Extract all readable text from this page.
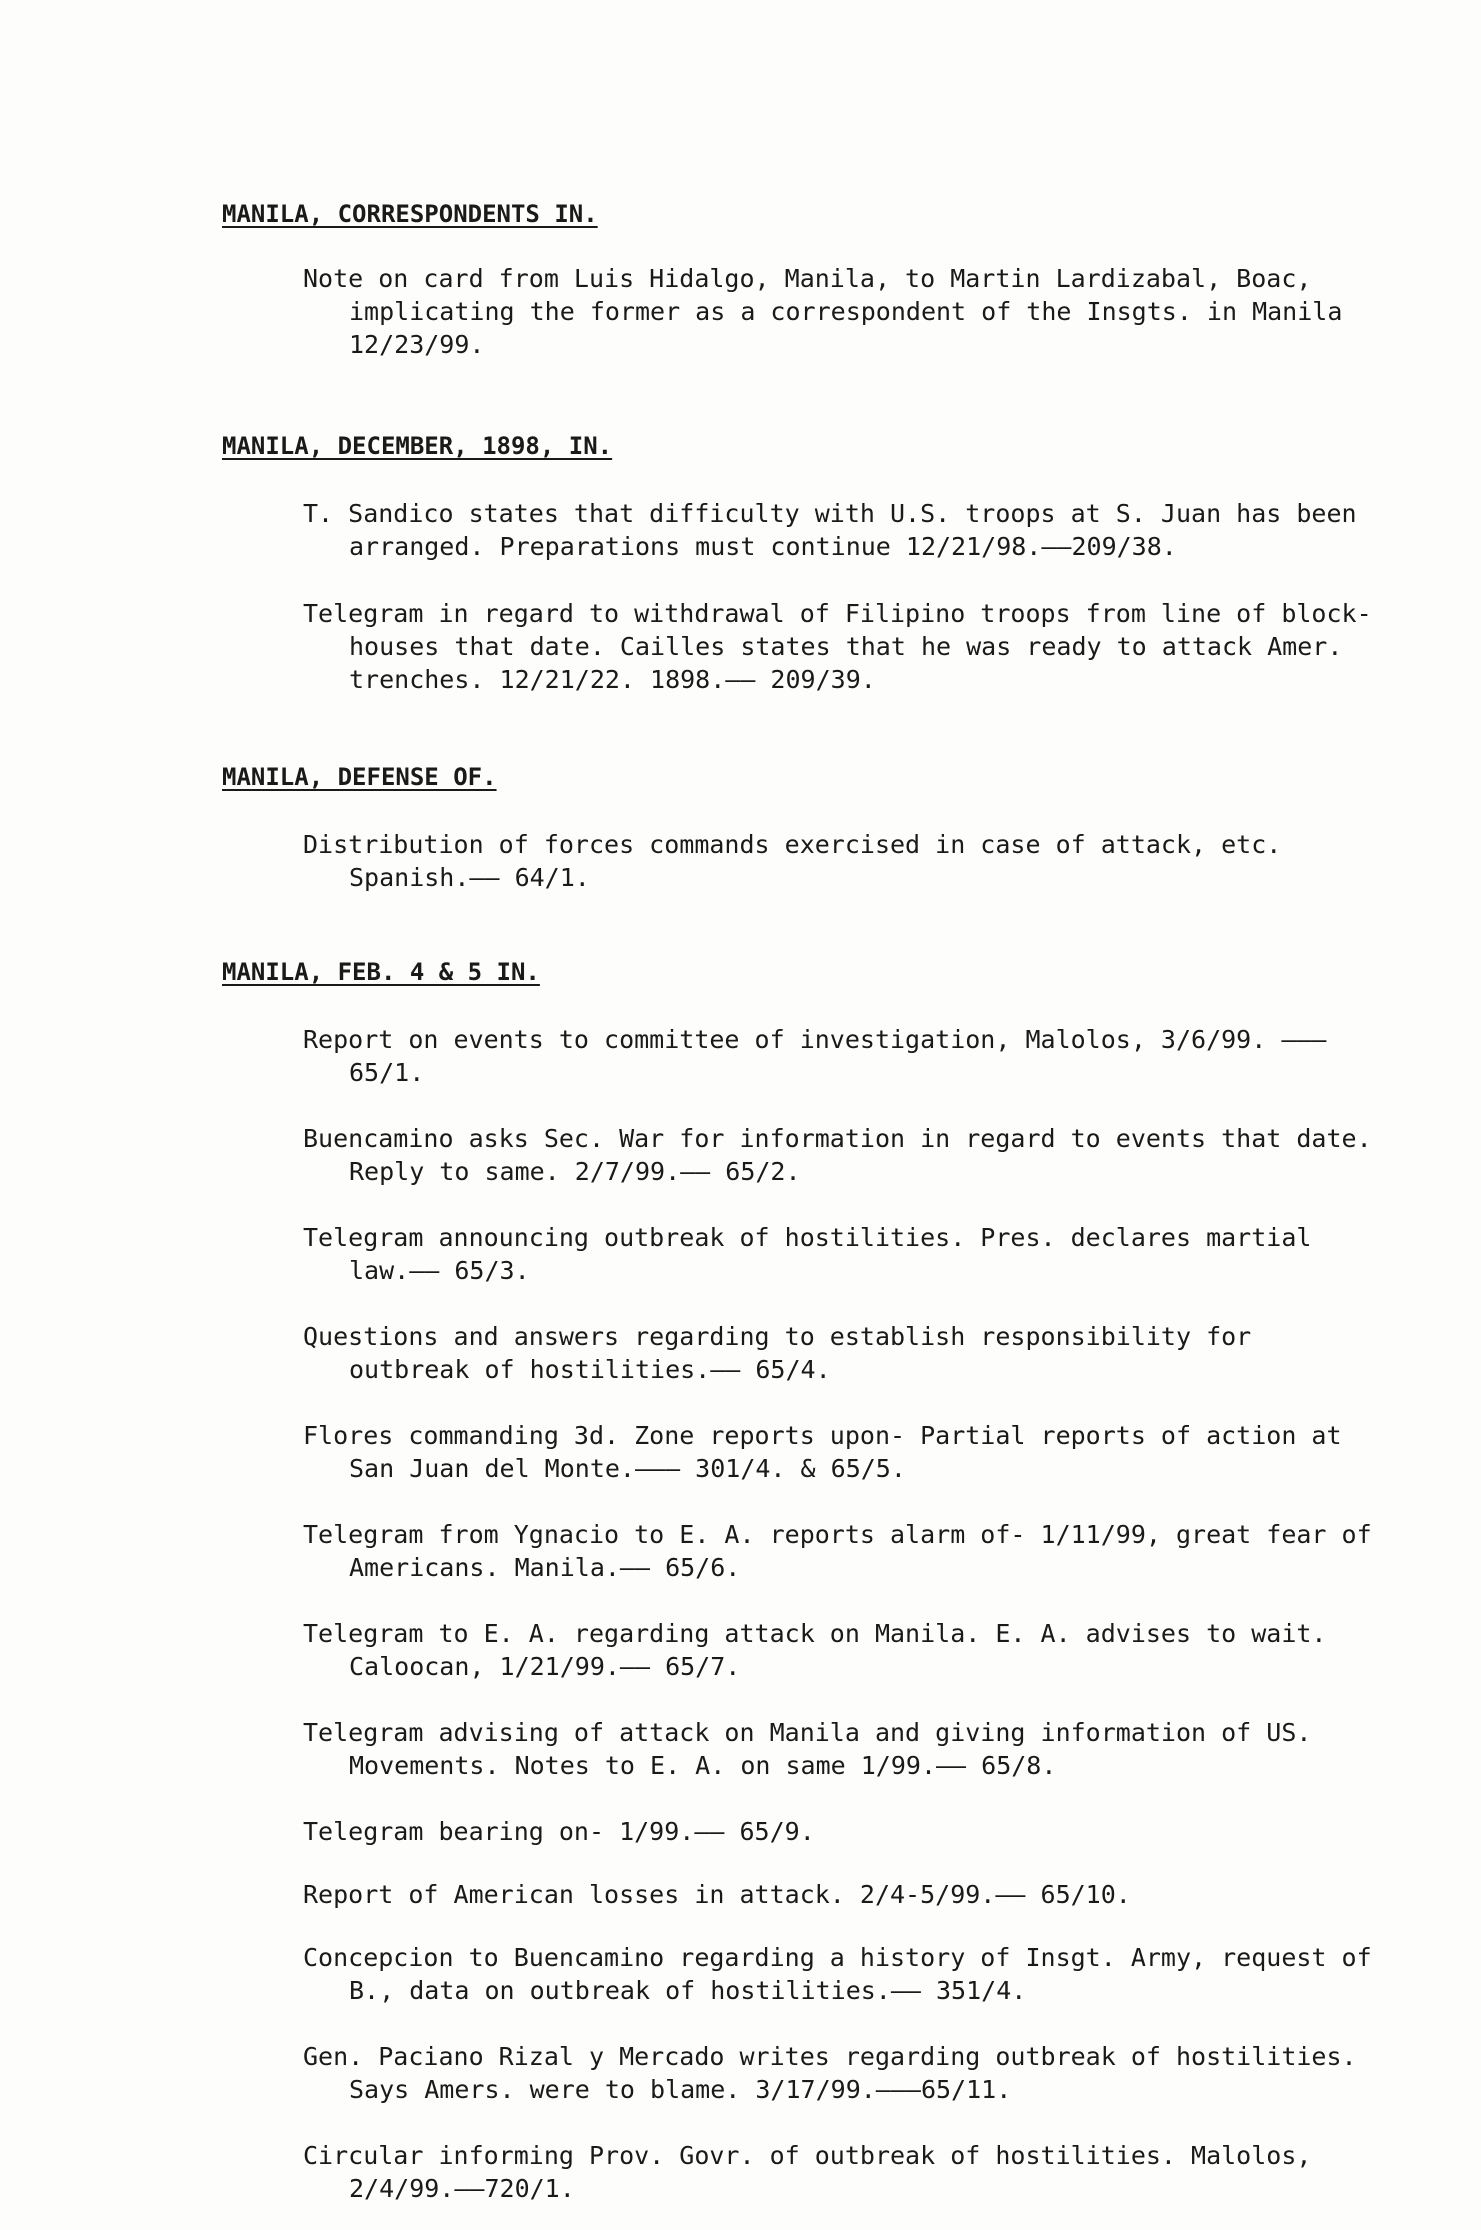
MANILA, CORRESPONDENTS IN.
Note on card from Luis Hidalgo, Manila, to Martin Lardizabal, Boac, implicating the former as a correspondent of the Insgts. in Manila 12/23/99.
MANILA, DECEMBER, 1898, IN.
T. Sandico states that difficulty with U.S. troops at S. Juan has been arranged. Preparations must continue 12/21/98.——209/38.
Telegram in regard to withdrawal of Filipino troops from line of block-houses that date. Cailles states that he was ready to attack Amer. trenches. 12/21/22. 1898.—— 209/39.
MANILA, DEFENSE OF.
Distribution of forces commands exercised in case of attack, etc. Spanish.—— 64/1.
MANILA, FEB. 4 & 5 IN.
Report on events to committee of investigation, Malolos, 3/6/99. ———65/1.
Buencamino asks Sec. War for information in regard to events that date. Reply to same. 2/7/99.—— 65/2.
Telegram announcing outbreak of hostilities. Pres. declares martial law.—— 65/3.
Questions and answers regarding to establish responsibility for outbreak of hostilities.—— 65/4.
Flores commanding 3d. Zone reports upon- Partial reports of action at San Juan del Monte.——— 301/4. & 65/5.
Telegram from Ygnacio to E. A. reports alarm of- 1/11/99, great fear of Americans. Manila.—— 65/6.
Telegram to E. A. regarding attack on Manila. E. A. advises to wait. Caloocan, 1/21/99.—— 65/7.
Telegram advising of attack on Manila and giving information of US. Movements. Notes to E. A. on same 1/99.—— 65/8.
Telegram bearing on- 1/99.—— 65/9.
Report of American losses in attack. 2/4-5/99.—— 65/10.
Concepcion to Buencamino regarding a history of Insgt. Army, request of B., data on outbreak of hostilities.—— 351/4.
Gen. Paciano Rizal y Mercado writes regarding outbreak of hostilities. Says Amers. were to blame. 3/17/99.———65/11.
Circular informing Prov. Govr. of outbreak of hostilities. Malolos, 2/4/99.——720/1.
